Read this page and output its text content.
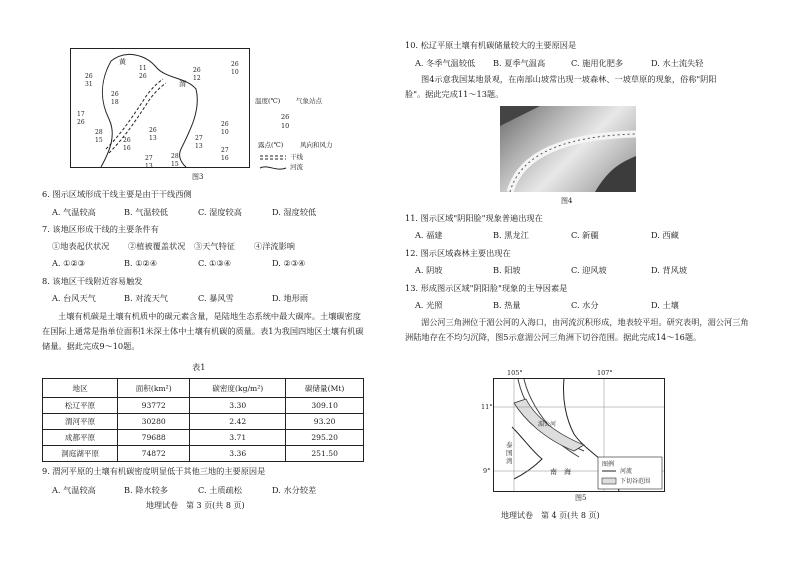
黄
渭
26
31
11
26
26
12
26
10
17
26
28
15	26
16
26
13	27
13
26
10
28
15
27
13
27
16
26
18	温度(℃) 气象站点
26
10
露点(℃)	风向和风力
干线
河流
图3
6. 图示区域形成干线主要是由于干线西侧
A. 气温较高	B. 气温较低	C. 湿度较高	D. 湿度较低
7. 该地区形成干线的主要条件有
①地表起伏状况 ②植被覆盖状况 ③天气特征 ④洋流影响
A. ①②③	B. ①②④	C. ①③④	D. ②③④
8. 该地区干线附近容易触发
A. 台风天气	B. 对流天气	C. 暴风雪	D. 地形雨
土壤有机碳是土壤有机质中的碳元素含量，是陆地生态系统中最大碳库。土壤碳密度在国际上通常是指单位面积1米深土体中土壤有机碳的质量。表1为我国四地区土壤有机碳储量。据此完成9～10题。
表1
地区	面积(km²)	碳密度(kg/m²)	碳储量(Mt)
松辽平原	93772	3.30	309.10
渭河平原	30280	2.42	93.20
成都平原	79688	3.71	295.20
洞庭湖平原	74872	3.36	251.50
9. 渭河平原的土壤有机碳密度明显低于其他三地的主要原因是
A. 气温较高	B. 降水较多	C. 土质疏松	D. 水分较差
地理试卷　第 3 页(共 8 页)
10. 松辽平原土壤有机碳储量较大的主要原因是
A. 冬季气温较低 B. 夏季气温高	C. 施用化肥多	D. 水土流失轻
图4示意我国某地景观，在南部山坡常出现一坡森林、一坡草原的现象，俗称"阴阳脸"。据此完成11～13题。
图4
11. 图示区域"阴阳脸"现象普遍出现在
A. 福建	B. 黑龙江	C. 新疆	D. 西藏
12. 图示区域森林主要出现在
A. 阴坡	B. 阳坡	C. 迎风坡	D. 背风坡
13. 形成图示区域"阴阳脸"现象的主导因素是
A. 光照	B. 热量	C. 水分	D. 土壤
湄公河三角洲位于湄公河的入海口，由河流沉积形成，地表较平坦。研究表明，湄公河三角洲陆地存在不均匀沉降，图5示意湄公河三角洲下切谷范围。据此完成14～16题。
湄公河
泰国湾
南　海
图例
河流
下切谷范围
105°	107°
11°
9°
图5
地理试卷　第 4 页(共 8 页)
